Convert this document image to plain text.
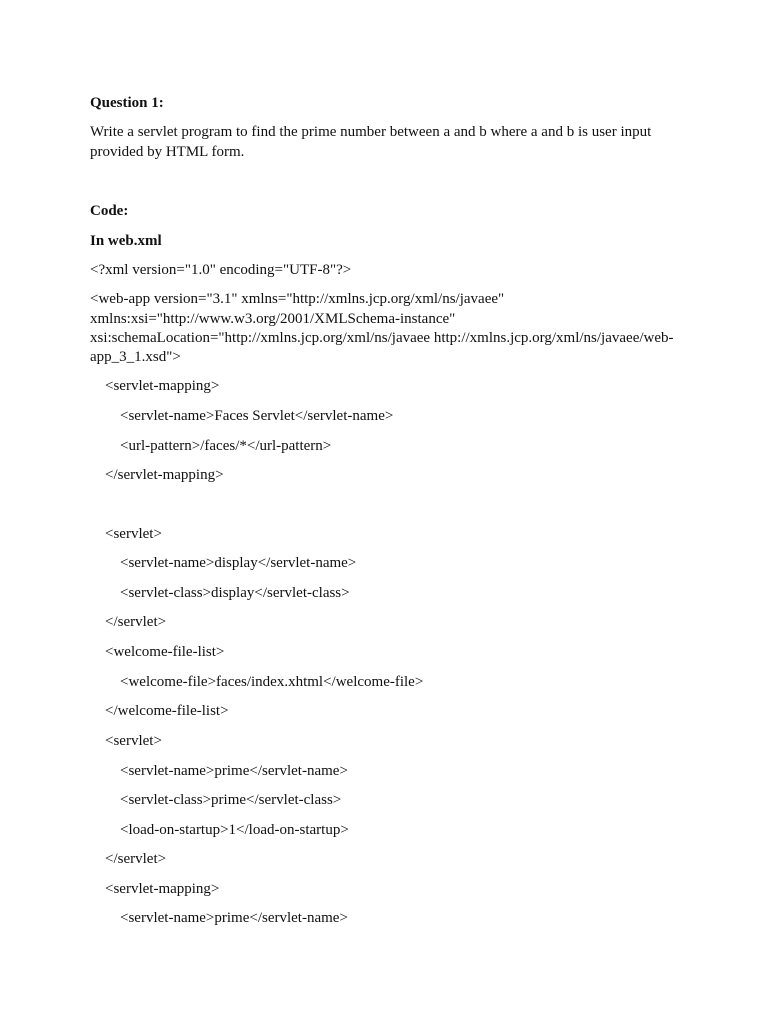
Question 1:
Write a servlet program to find the prime number between a and b where a and b is user input
provided by HTML form.
Code:
In web.xml
<?xml version="1.0" encoding="UTF-8"?>
<web-app version="3.1" xmlns="http://xmlns.jcp.org/xml/ns/javaee"
xmlns:xsi="http://www.w3.org/2001/XMLSchema-instance"
xsi:schemaLocation="http://xmlns.jcp.org/xml/ns/javaee http://xmlns.jcp.org/xml/ns/javaee/web-
app_3_1.xsd">
<servlet-mapping>
<servlet-name>Faces Servlet</servlet-name>
<url-pattern>/faces/*</url-pattern>
</servlet-mapping>
<servlet>
<servlet-name>display</servlet-name>
<servlet-class>display</servlet-class>
</servlet>
<welcome-file-list>
<welcome-file>faces/index.xhtml</welcome-file>
</welcome-file-list>
<servlet>
<servlet-name>prime</servlet-name>
<servlet-class>prime</servlet-class>
<load-on-startup>1</load-on-startup>
</servlet>
<servlet-mapping>
<servlet-name>prime</servlet-name>
